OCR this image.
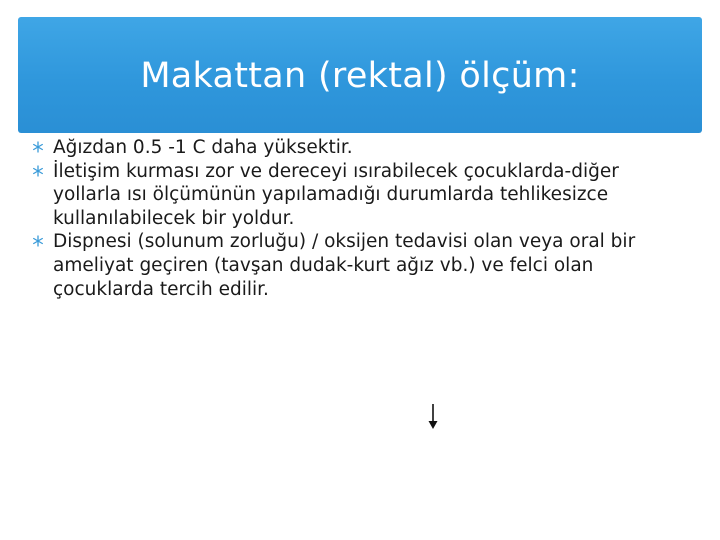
Makattan (rektal) ölçüm:
Ağızdan 0.5 -1 C daha yüksektir.
İletişim kurması zor ve dereceyi ısırabilecek çocuklarda-diğer yollarla ısı ölçümünün yapılamadığı durumlarda tehlikesizce kullanılabilecek bir yoldur.
Dispnesi (solunum zorluğu) / oksijen tedavisi olan veya oral bir ameliyat geçiren (tavşan dudak-kurt ağız vb.) ve felci olan çocuklarda tercih edilir.
